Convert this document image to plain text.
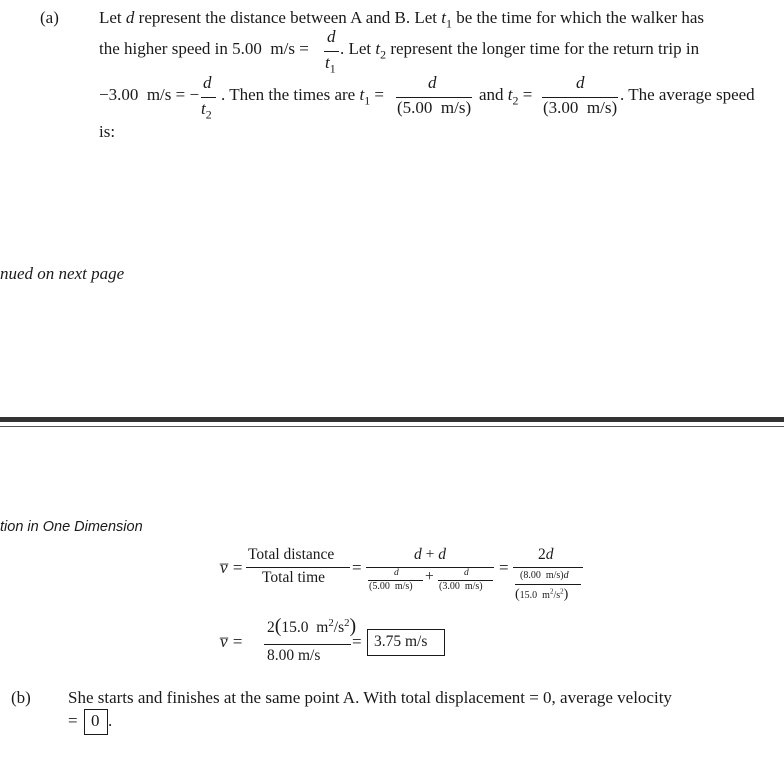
(a) Let d represent the distance between A and B. Let $t_1$ be the time for which the walker has
the higher speed in 5.00  m/s =
d
$t_1$
. Let $t_2$ represent the longer time for the return trip in
−3.00  m/s = −
d
$t_2$
. Then the times are $t_1$ =
d
(5.00  m/s)
and $t_2$ =
d
(3.00  m/s)
. The average speed
is:
nued on next page
tion in One Dimension
v̅ =
Total distance
Total time
=
d + d
d
(5.00  m/s)
+	d
(3.00  m/s)
=
2d
(8.00  m/s)d
(15.0  $m^2/s^2$)
v̅ =
2(15.0  $m^2/s^2$)
8.00 m/s
= 3.75 m/s
(b) She starts and finishes at the same point A. With total displacement = 0, average velocity
= 0 .
